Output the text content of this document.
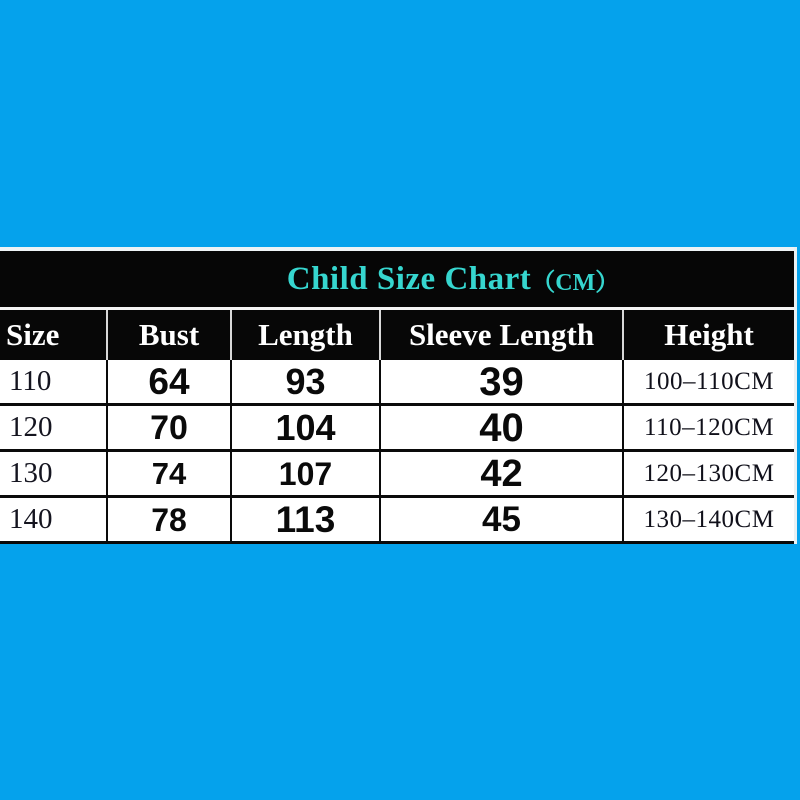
Child Size Chart （CM）
Size	Bust	Length	Sleeve Length	Height
110	64	93	39	100–110CM
120	70	104	40	110–120CM
130	74	107	42	120–130CM
140	78	113	45	130–140CM
